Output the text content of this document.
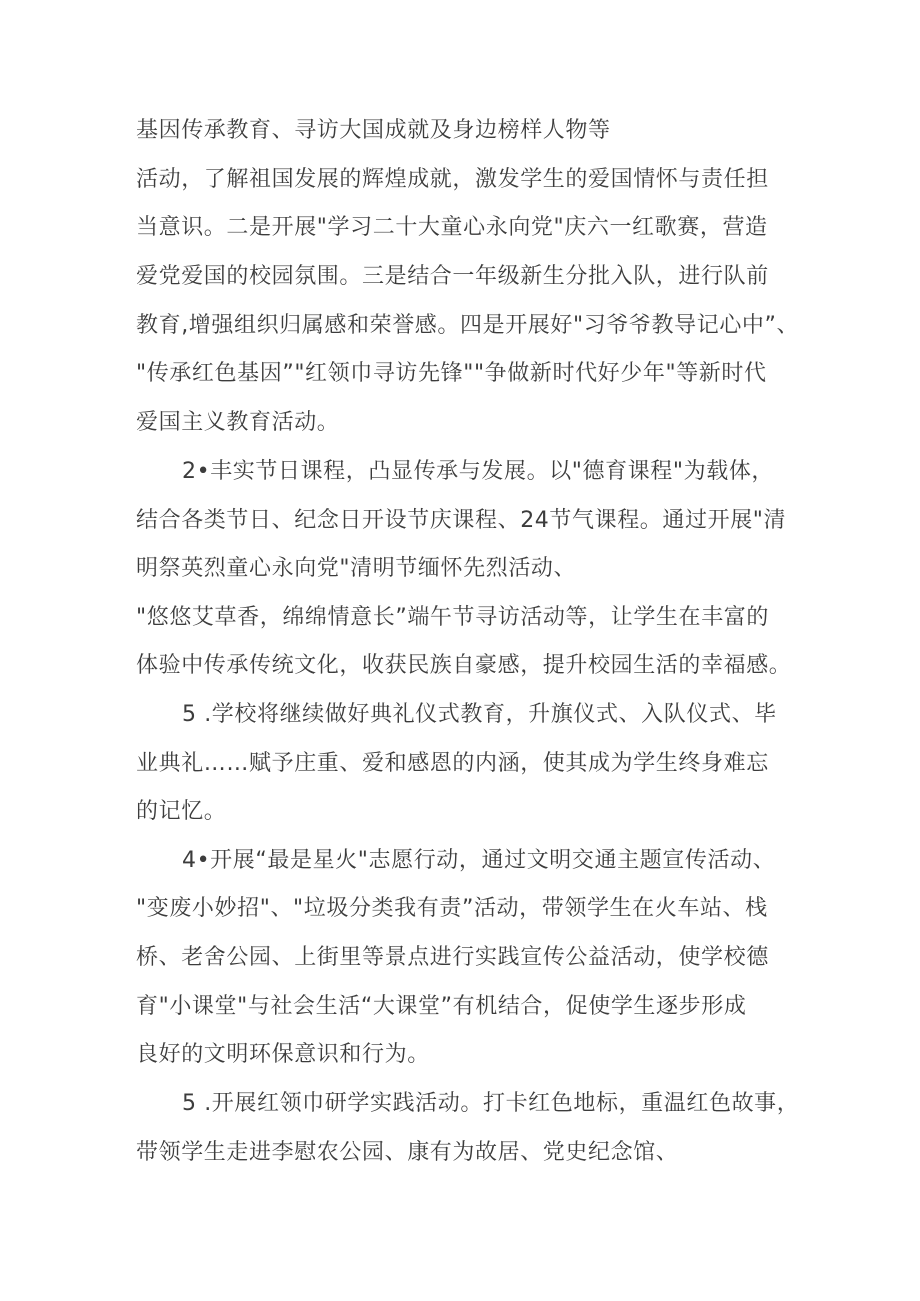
基因传承教育、寻访大国成就及身边榜样人物等
活动，了解祖国发展的辉煌成就，激发学生的爱国情怀与责任担
当意识。二是开展"学习二十大童心永向党"庆六一红歌赛，营造
爱党爱国的校园氛围。三是结合一年级新生分批入队，进行队前
教育,增强组织归属感和荣誉感。四是开展好"习爷爷教导记心中”、
"传承红色基因”"红领巾寻访先锋""争做新时代好少年"等新时代
爱国主义教育活动。
2•丰实节日课程，凸显传承与发展。以"德育课程"为载体，
结合各类节日、纪念日开设节庆课程、24节气课程。通过开展"清
明祭英烈童心永向党"清明节缅怀先烈活动、
"悠悠艾草香，绵绵情意长”端午节寻访活动等，让学生在丰富的
体验中传承传统文化，收获民族自豪感，提升校园生活的幸福感。
5 .学校将继续做好典礼仪式教育，升旗仪式、入队仪式、毕
业典礼……赋予庄重、爱和感恩的内涵，使其成为学生终身难忘
的记忆。
4•开展“最是星火"志愿行动，通过文明交通主题宣传活动、
"变废小妙招"、"垃圾分类我有责”活动，带领学生在火车站、栈
桥、老舍公园、上街里等景点进行实践宣传公益活动，使学校德
育"小课堂"与社会生活“大课堂”有机结合，促使学生逐步形成
良好的文明环保意识和行为。
5 .开展红领巾研学实践活动。打卡红色地标，重温红色故事，
带领学生走进李慰农公园、康有为故居、党史纪念馆、
